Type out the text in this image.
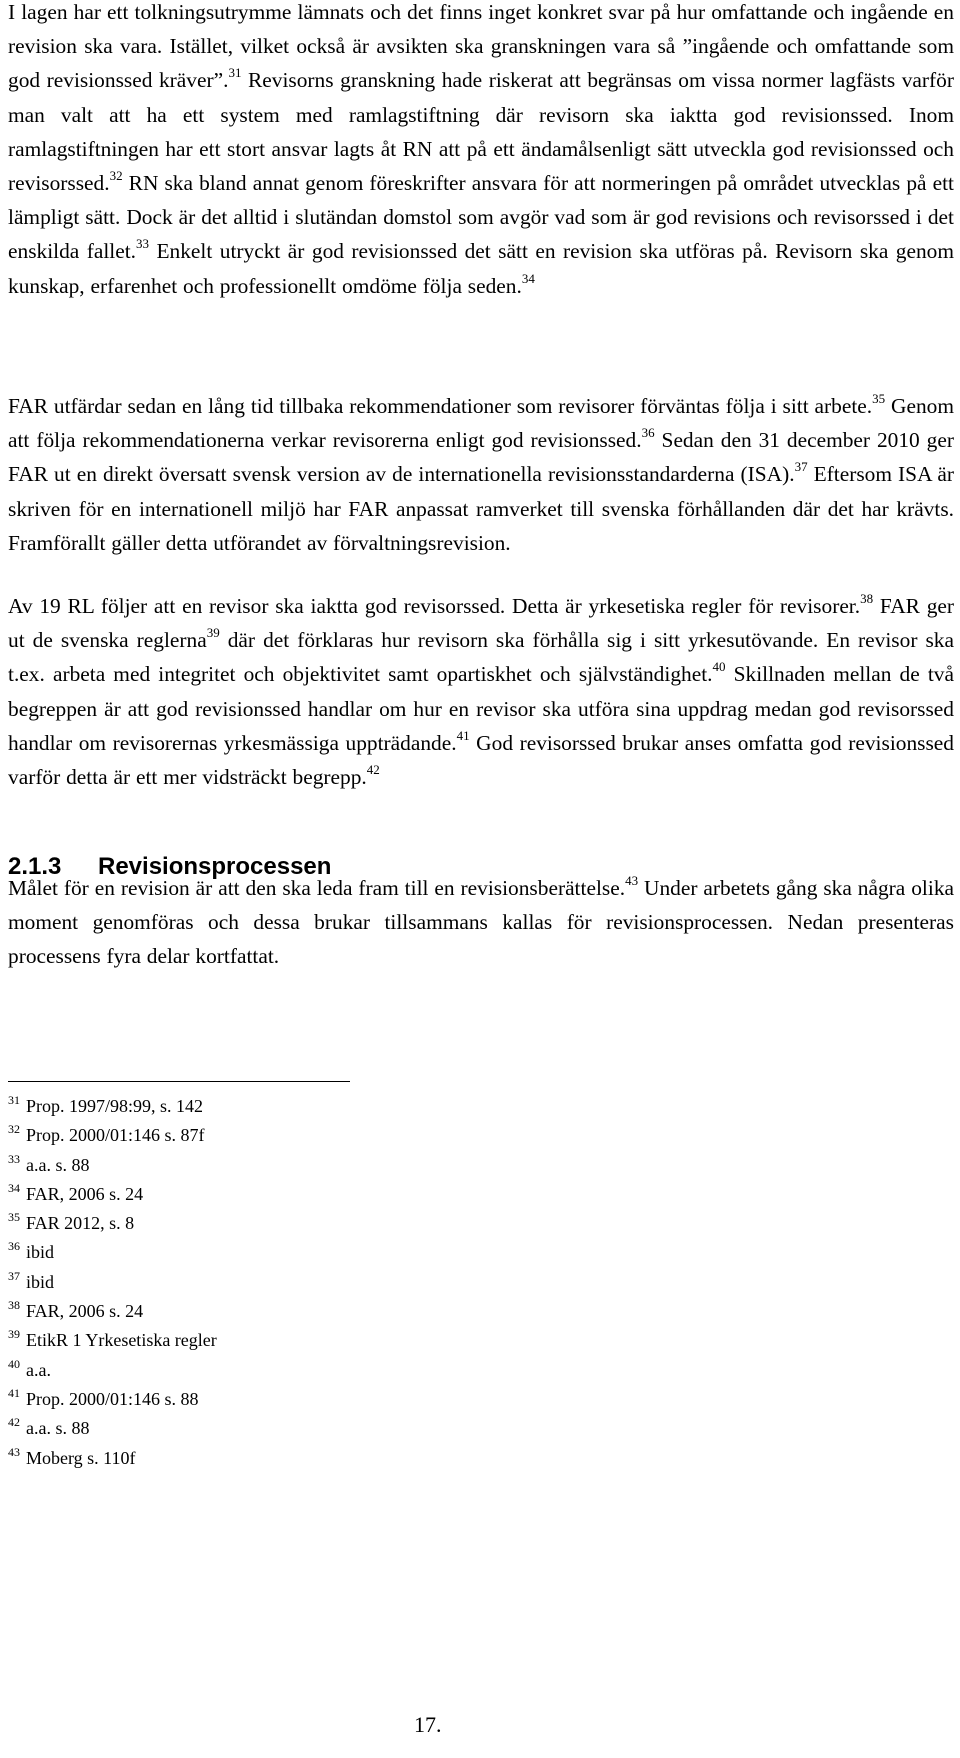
I lagen har ett tolkningsutrymme lämnats och det finns inget konkret svar på hur omfattande och ingående en revision ska vara. Istället, vilket också är avsikten ska granskningen vara så ”ingående och omfattande som god revisionssed kräver”.$^{31}$ Revisorns granskning hade riskerat att begränsas om vissa normer lagfästs varför man valt att ha ett system med ramlagstiftning där revisorn ska iaktta god revisionssed. Inom ramlagstiftningen har ett stort ansvar lagts åt RN att på ett ändamålsenligt sätt utveckla god revisionssed och revisorssed.$^{32}$ RN ska bland annat genom föreskrifter ansvara för att normeringen på området utvecklas på ett lämpligt sätt. Dock är det alltid i slutändan domstol som avgör vad som är god revisions och revisorssed i det enskilda fallet.$^{33}$ Enkelt utryckt är god revisionssed det sätt en revision ska utföras på. Revisorn ska genom kunskap, erfarenhet och professionellt omdöme följa seden.$^{34}$

FAR utfärdar sedan en lång tid tillbaka rekommendationer som revisorer förväntas följa i sitt arbete.$^{35}$ Genom att följa rekommendationerna verkar revisorerna enligt god revisionssed.$^{36}$ Sedan den 31 december 2010 ger FAR ut en direkt översatt svensk version av de internationella revisionsstandarderna (ISA).$^{37}$ Eftersom ISA är skriven för en internationell miljö har FAR anpassat ramverket till svenska förhållanden där det har krävts. Framförallt gäller detta utförandet av förvaltningsrevision.

Av 19 RL följer att en revisor ska iaktta god revisorssed. Detta är yrkesetiska regler för revisorer.$^{38}$ FAR ger ut de svenska reglerna$^{39}$ där det förklaras hur revisorn ska förhålla sig i sitt yrkesutövande. En revisor ska t.ex. arbeta med integritet och objektivitet samt opartiskhet och självständighet.$^{40}$ Skillnaden mellan de två begreppen är att god revisionssed handlar om hur en revisor ska utföra sina uppdrag medan god revisorssed handlar om revisorernas yrkesmässiga uppträdande.$^{41}$ God revisorssed brukar anses omfatta god revisionssed varför detta är ett mer vidsträckt begrepp.$^{42}$

2.1.3 Revisionsprocessen

Målet för en revision är att den ska leda fram till en revisionsberättelse.$^{43}$ Under arbetets gång ska några olika moment genomföras och dessa brukar tillsammans kallas för revisionsprocessen. Nedan presenteras processens fyra delar kortfattat.

$^{31}$ Prop. 1997/98:99, s. 142
$^{32}$ Prop. 2000/01:146 s. 87f
$^{33}$ a.a. s. 88
$^{34}$ FAR, 2006 s. 24
$^{35}$ FAR 2012, s. 8
$^{36}$ ibid
$^{37}$ ibid
$^{38}$ FAR, 2006 s. 24
$^{39}$ EtikR 1 Yrkesetiska regler
$^{40}$ a.a.
$^{41}$ Prop. 2000/01:146 s. 88
$^{42}$ a.a. s. 88
$^{43}$ Moberg s. 110f
17.
